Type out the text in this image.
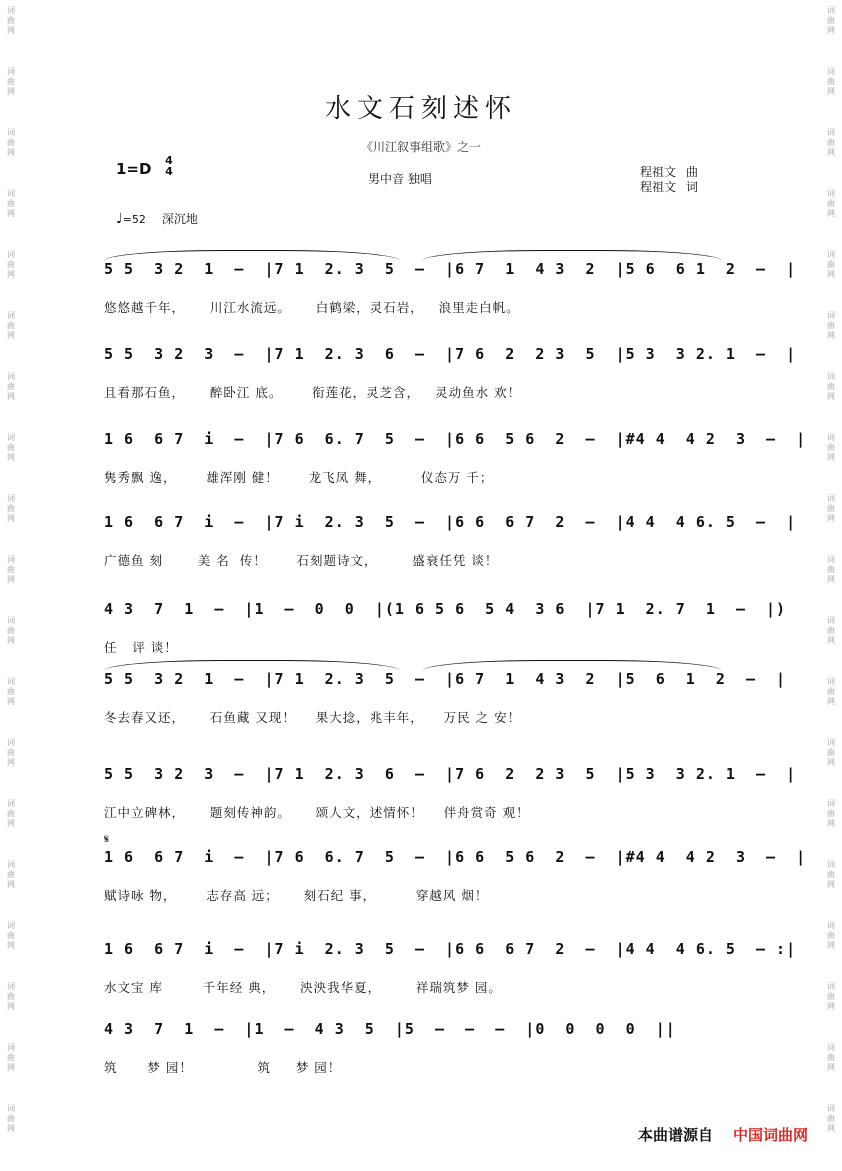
词
曲
网
词
曲
网
词
曲
网
词
曲
网
词
曲
网
词
曲
网
词
曲
网
词
曲
网
词
曲
网
词
曲
网
词
曲
网
词
曲
网
词
曲
网
词
曲
网
词
曲
网
词
曲
网
词
曲
网
词
曲
网
词
曲
网
词
曲
网
词
曲
网
词
曲
网
词
曲
网
词
曲
网
词
曲
网
词
曲
网
词
曲
网
词
曲
网
词
曲
网
词
曲
网
词
曲
网
词
曲
网
词
曲
网
词
曲
网
词
曲
网
词
曲
网
词
曲
网
词
曲
网
水文石刻述怀
《川江叙事组歌》之一
1=D 4
4
男中音 独唱	程祖文 曲
程祖文 词
♩=52 深沉地
𝄋
5 5  3 2  1  –  |7 1  2. 3  5  –  |6 7  1  4 3  2  |5 6  6 1  2  –  |
悠悠越千年，     川江水流远。     白鹤梁，灵石岩，   浪里走白帆。
5 5  3 2  3  –  |7 1  2. 3  6  –  |7 6  2  2 3  5  |5 3  3 2. 1  –  |
且看那石鱼，     醉卧江 底。      衔莲花，灵芝含，   灵动鱼水 欢！
1 6  6 7  i  –  |7 6  6. 7  5  –  |6 6  5 6  2  –  |#4 4  4 2  3  –  |
隽秀飘 逸，      雄浑刚 健！      龙飞凤 舞，        仪态万 千；
1 6  6 7  i  –  |7 i  2. 3  5  –  |6 6  6 7  2  –  |4 4  4 6. 5  –  |
广德鱼 刻       美 名  传！      石刻题诗文，       盛衰任凭 谈！
4 3  7  1  –  |1  –  0  0  |(1 6 5 6  5 4  3 6  |7 1  2. 7  1  –  |)
任   评 谈！
5 5  3 2  1  –  |7 1  2. 3  5  –  |6 7  1  4 3  2  |5  6  1  2  –  |
冬去春又还，     石鱼藏 又现！    果大捻，兆丰年，    万民 之 安！
5 5  3 2  3  –  |7 1  2. 3  6  –  |7 6  2  2 3  5  |5 3  3 2. 1  –  |
江中立碑林，     题刻传神韵。     颂人文，述情怀！    伴舟赏奇 观！
1 6  6 7  i  –  |7 6  6. 7  5  –  |6 6  5 6  2  –  |#4 4  4 2  3  –  |
赋诗咏 物，      志存高 远；     刻石纪 事，        穿越风 烟！
1 6  6 7  i  –  |7 i  2. 3  5  –  |6 6  6 7  2  –  |4 4  4 6. 5  – :|
水文宝 库        千年经 典，     泱泱我华夏，       祥瑞筑梦 园。
4 3  7  1  –  |1  –  4 3  5  |5  –  –  –  |0  0  0  0  ||
筑      梦 园！             筑     梦 园！
本曲谱源自 中国词曲网
